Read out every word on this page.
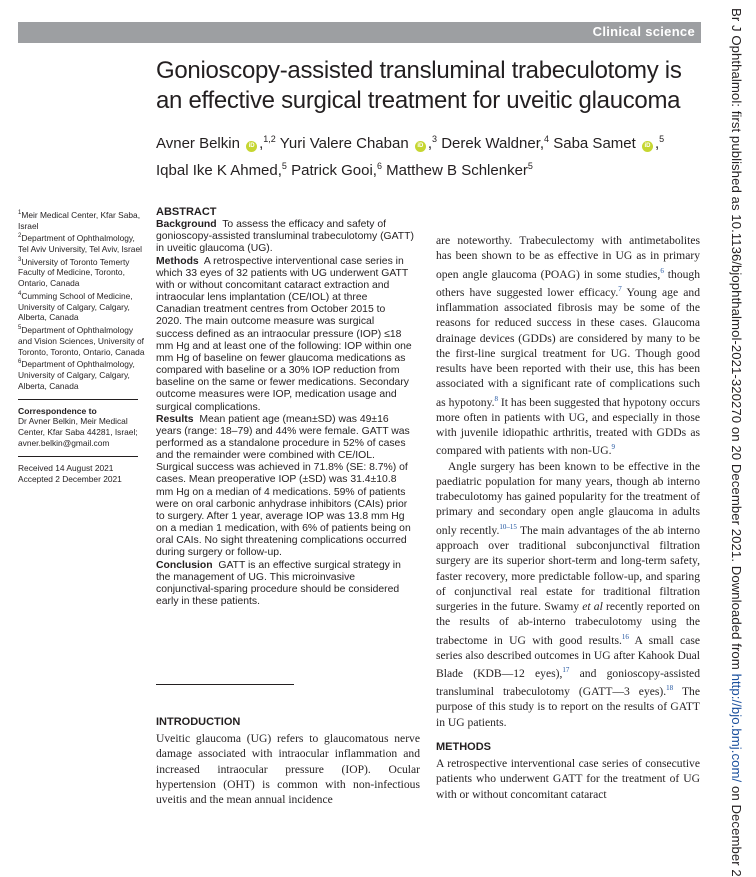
Clinical science
Gonioscopy-assisted transluminal trabeculotomy is an effective surgical treatment for uveitic glaucoma
Avner Belkin iD ,$^{1,2}$ Yuri Valere Chaban iD ,$^3$ Derek Waldner,$^4$ Saba Samet iD ,$^5$
Iqbal Ike K Ahmed,$^5$ Patrick Gooi,$^6$ Matthew B Schlenker$^5$

$^1$Meir Medical Center, Kfar Saba, Israel

$^2$Department of Ophthalmology, Tel Aviv University, Tel Aviv, Israel

$^3$University of Toronto Temerty Faculty of Medicine, Toronto, Ontario, Canada

$^4$Cumming School of Medicine, University of Calgary, Calgary, Alberta, Canada

$^5$Department of Ophthalmology and Vision Sciences, University of Toronto, Toronto, Ontario, Canada

$^6$Department of Ophthalmology, University of Calgary, Calgary, Alberta, Canada

Correspondence to

Dr Avner Belkin, Meir Medical Center, Kfar Saba 44281, Israel; avner.belkin@gmail.com

Received 14 August 2021

Accepted 2 December 2021

ABSTRACT

Background To assess the efficacy and safety of gonioscopy-assisted transluminal trabeculotomy (GATT) in uveitic glaucoma (UG).

Methods A retrospective interventional case series in which 33 eyes of 32 patients with UG underwent GATT with or without concomitant cataract extraction and intraocular lens implantation (CE/IOL) at three Canadian treatment centres from October 2015 to 2020. The main outcome measure was surgical success defined as an intraocular pressure (IOP) ≤18 mm Hg and at least one of the following: IOP within one mm Hg of baseline on fewer glaucoma medications as compared with baseline or a 30% IOP reduction from baseline on the same or fewer medications. Secondary outcome measures were IOP, medication usage and surgical complications.

Results Mean patient age (mean±SD) was 49±16 years (range: 18–79) and 44% were female. GATT was performed as a standalone procedure in 52% of cases and the remainder were combined with CE/IOL. Surgical success was achieved in 71.8% (SE: 8.7%) of cases. Mean preoperative IOP (±SD) was 31.4±10.8 mm Hg on a median of 4 medications. 59% of patients were on oral carbonic anhydrase inhibitors (CAIs) prior to surgery. After 1 year, average IOP was 13.8 mm Hg on a median 1 medication, with 6% of patients being on oral CAIs. No sight threatening complications occurred during surgery or follow-up.

Conclusion GATT is an effective surgical strategy in the management of UG. This microinvasive conjunctival-sparing procedure should be considered early in these patients.

INTRODUCTION
Uveitic glaucoma (UG) refers to glaucomatous nerve damage associated with intraocular inflammation and increased intraocular pressure (IOP). Ocular hypertension (OHT) is common with non-infectious uveitis and the mean annual incidence

are noteworthy. Trabeculectomy with antimetabolites has been shown to be as effective in UG as in primary open angle glaucoma (POAG) in some studies,$^6$ though others have suggested lower efficacy.$^7$ Young age and inflammation associated fibrosis may be some of the reasons for reduced success in these cases. Glaucoma drainage devices (GDDs) are considered by many to be the first-line surgical treatment for UG. Though good results have been reported with their use, this has been associated with a significant rate of complications such as hypotony.$^8$ It has been suggested that hypotony occurs more often in patients with UG, and especially in those with juvenile idiopathic arthritis, treated with GDDs as compared with patients with non-UG.$^9$

Angle surgery has been known to be effective in the paediatric population for many years, though ab interno trabeculotomy has gained popularity for the treatment of primary and secondary open angle glaucoma in adults only recently.$^{10-15}$ The main advantages of the ab interno approach over traditional subconjunctival filtration surgery are its superior short-term and long-term safety, faster recovery, more predictable follow-up, and sparing of conjunctival real estate for traditional filtration surgeries in the future. Swamy et al recently reported on the results of ab-interno trabeculotomy using the trabectome in UG with good results.$^{16}$ A small case series also described outcomes in UG after Kahook Dual Blade (KDB—12 eyes),$^{17}$ and gonioscopy-assisted transluminal trabeculotomy (GATT—3 eyes).$^{18}$ The purpose of this study is to report on the results of GATT in UG patients.

METHODS
A retrospective interventional case series of consecutive patients who underwent GATT for the treatment of UG with or without concomitant cataract
Br J Ophthalmol: first published as 10.1136/bjophthalmol-2021-320270 on 20 December 2021. Downloaded from http://bjo.bmj.com/ on December 2
